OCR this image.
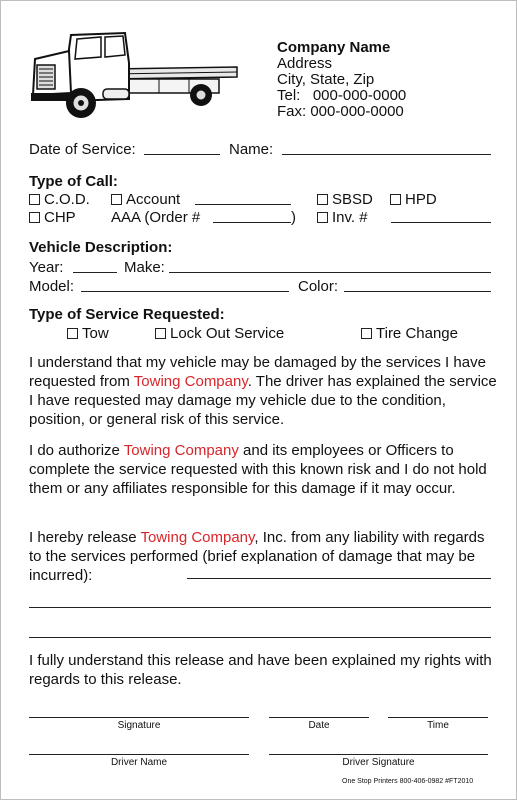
Company Name
Address
City, State, Zip
Tel:   000-000-0000
Fax: 000-000-0000
Date of Service:	Name:
Type of Call:
C.O.D.	Account	SBSD	HPD
CHP AAA (Order #	)	Inv. #
Vehicle Description:
Year:	Make:
Model:	Color:
Type of Service Requested:
Tow	Lock Out Service	Tire Change
I understand that my vehicle may be damaged by the services I have requested from Towing Company. The driver has explained the service I have requested may damage my vehicle due to the condition, position, or general risk of this service.
I do authorize Towing Company and its employees or Officers to complete the service requested with this known risk and I do not hold them or any affiliates responsible for this damage if it may occur.
I hereby release Towing Company, Inc. from any liability with regards to the services performed (brief explanation of damage that may be incurred):
I fully understand this release and have been explained my rights with regards to this release.
Signature	Date	Time
Driver Name	Driver Signature
One Stop Printers 800-406-0982 #FT2010
